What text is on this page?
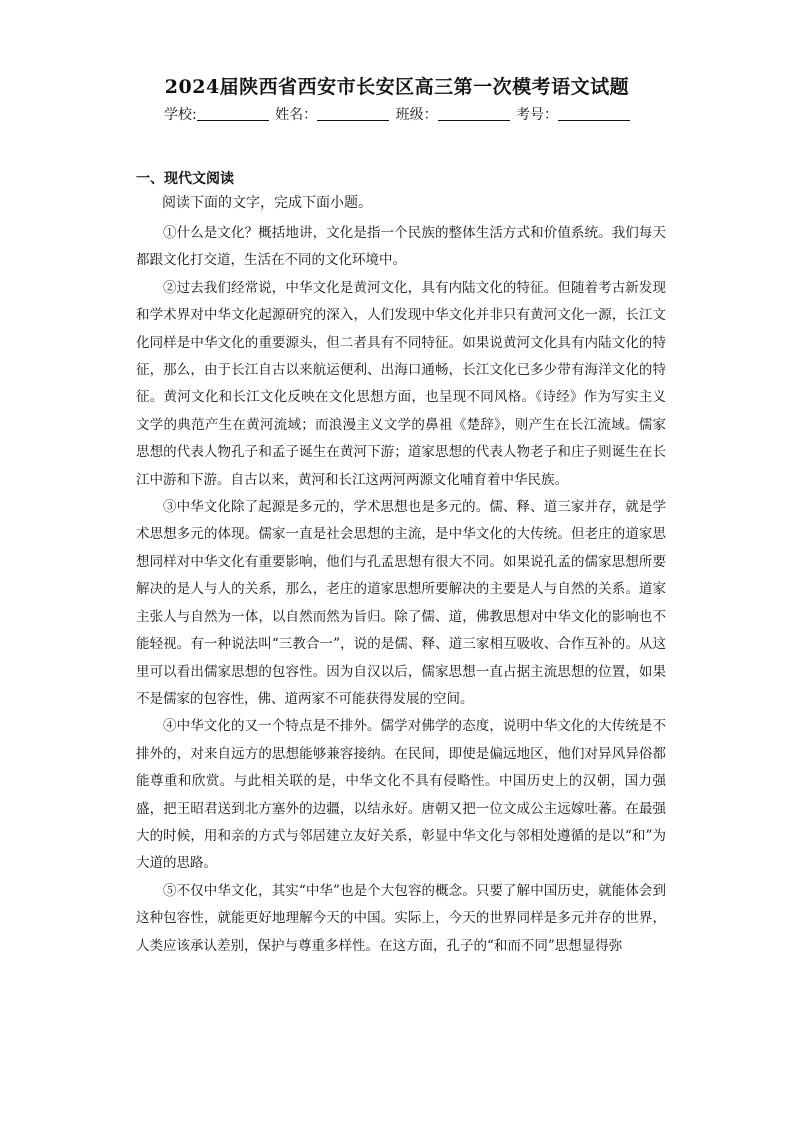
2024届陕西省西安市长安区高三第一次模考语文试题
学校:	姓名：	班级：	考号：
一、现代文阅读
阅读下面的文字，完成下面小题。

①什么是文化？概括地讲，文化是指一个民族的整体生活方式和价值系统。我们每天都跟文化打交道，生活在不同的文化环境中。

②过去我们经常说，中华文化是黄河文化，具有内陆文化的特征。但随着考古新发现和学术界对中华文化起源研究的深入，人们发现中华文化并非只有黄河文化一源，长江文化同样是中华文化的重要源头，但二者具有不同特征。如果说黄河文化具有内陆文化的特征，那么，由于长江自古以来航运便利、出海口通畅，长江文化已多少带有海洋文化的特征。黄河文化和长江文化反映在文化思想方面，也呈现不同风格。《诗经》作为写实主义文学的典范产生在黄河流域；而浪漫主义文学的鼻祖《楚辞》，则产生在长江流域。儒家思想的代表人物孔子和孟子诞生在黄河下游；道家思想的代表人物老子和庄子则诞生在长江中游和下游。自古以来，黄河和长江这两河两源文化哺育着中华民族。

③中华文化除了起源是多元的，学术思想也是多元的。儒、释、道三家并存，就是学术思想多元的体现。儒家一直是社会思想的主流，是中华文化的大传统。但老庄的道家思想同样对中华文化有重要影响，他们与孔孟思想有很大不同。如果说孔孟的儒家思想所要解决的是人与人的关系，那么，老庄的道家思想所要解决的主要是人与自然的关系。道家主张人与自然为一体，以自然而然为旨归。除了儒、道，佛教思想对中华文化的影响也不能轻视。有一种说法叫“三教合一”，说的是儒、释、道三家相互吸收、合作互补的。从这里可以看出儒家思想的包容性。因为自汉以后，儒家思想一直占据主流思想的位置，如果不是儒家的包容性，佛、道两家不可能获得发展的空间。

④中华文化的又一个特点是不排外。儒学对佛学的态度，说明中华文化的大传统是不排外的，对来自远方的思想能够兼容接纳。在民间，即使是偏远地区，他们对异风异俗都能尊重和欣赏。与此相关联的是，中华文化不具有侵略性。中国历史上的汉朝，国力强盛，把王昭君送到北方塞外的边疆，以结永好。唐朝又把一位文成公主远嫁吐蕃。在最强大的时候，用和亲的方式与邻居建立友好关系，彰显中华文化与邻相处遵循的是以“和”为大道的思路。

⑤不仅中华文化，其实“中华”也是个大包容的概念。只要了解中国历史，就能体会到这种包容性，就能更好地理解今天的中国。实际上，今天的世界同样是多元并存的世界，人类应该承认差别，保护与尊重多样性。在这方面，孔子的“和而不同”思想显得弥
